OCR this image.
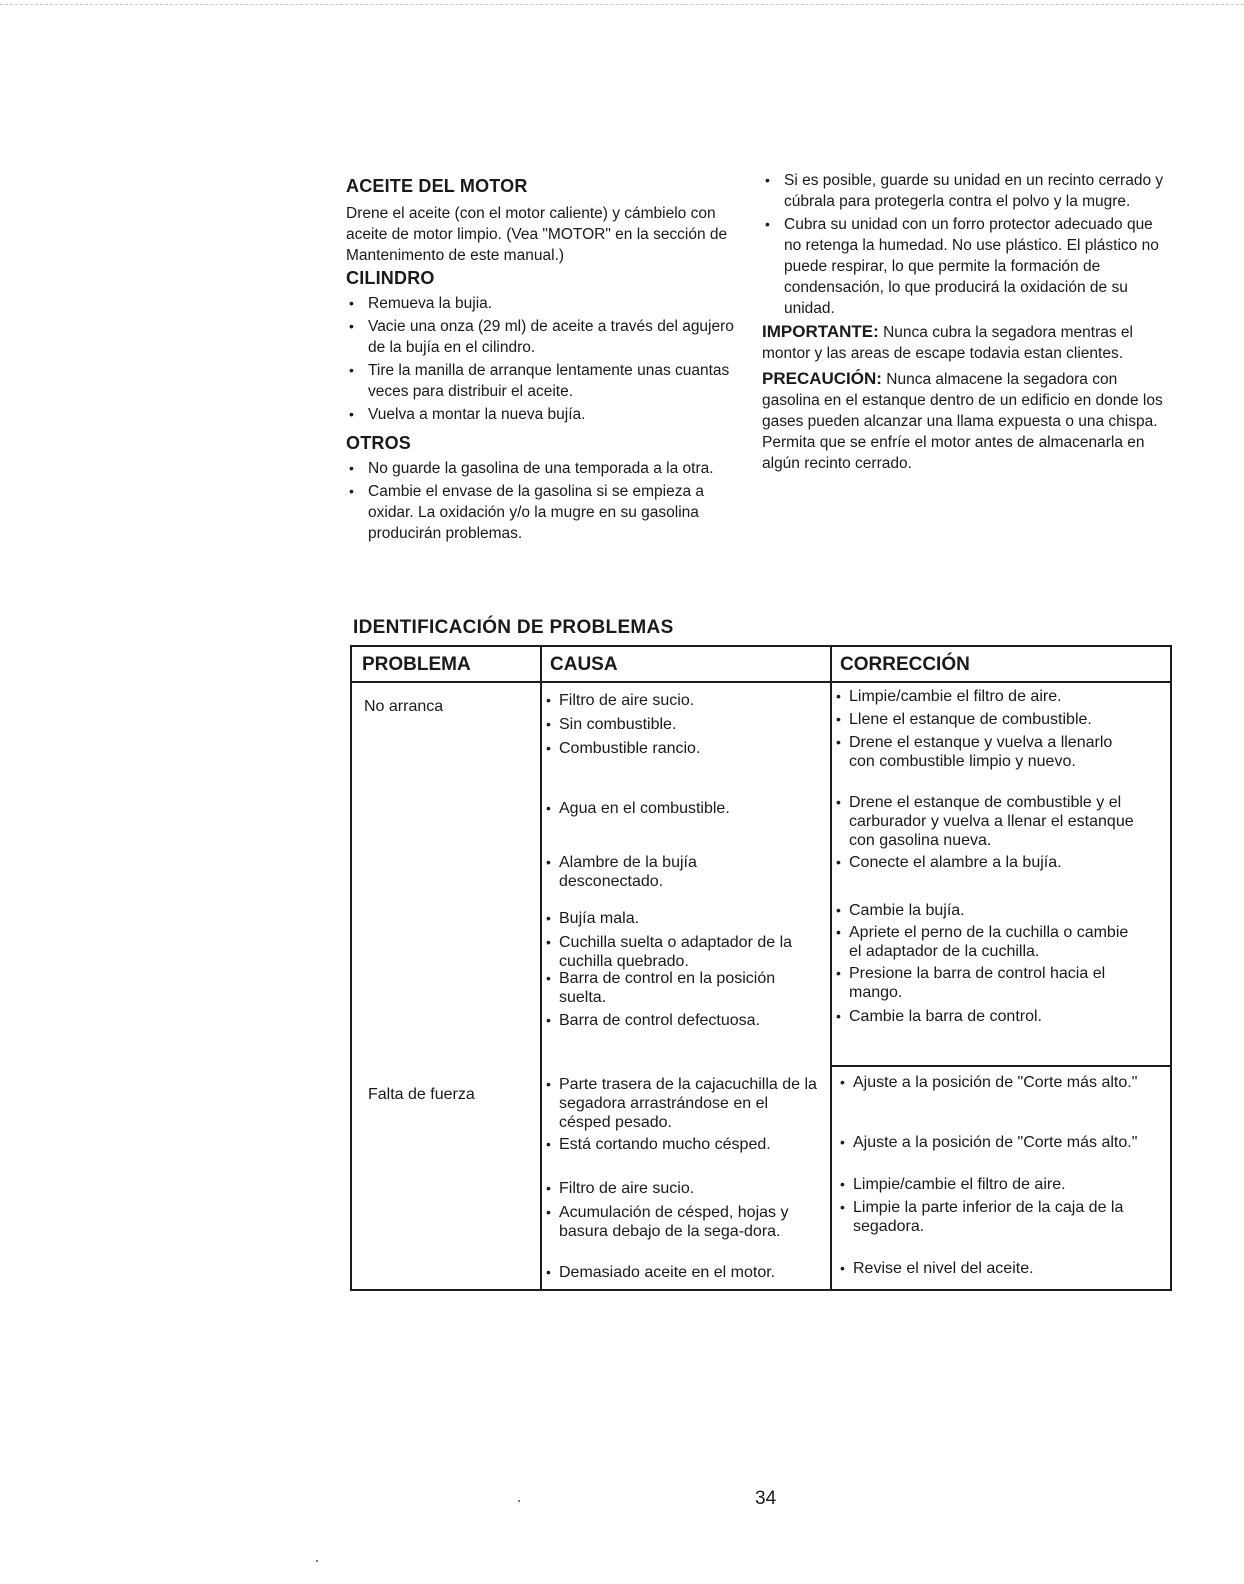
ACEITE DEL MOTOR

Drene el aceite (con el motor caliente) y cámbielo con aceite de motor limpio. (Vea "MOTOR" en la sección de Mantenimento de este manual.)

CILINDRO
• Remueva la bujia.
• Vacie una onza (29 ml) de aceite a través del agujero de la bujía en el cilindro.
• Tire la manilla de arranque lentamente unas cuantas veces para distribuir el aceite.
• Vuelva a montar la nueva bujía.
OTROS
• No guarde la gasolina de una temporada a la otra.
• Cambie el envase de la gasolina si se empieza a oxidar. La oxidación y/o la mugre en su gasolina producirán problemas.
• Si es posible, guarde su unidad en un recinto cerrado y cúbrala para protegerla contra el polvo y la mugre.
• Cubra su unidad con un forro protector adecuado que no retenga la humedad. No use plástico. El plástico no puede respirar, lo que permite la formación de condensación, lo que producirá la oxidación de su unidad.

IMPORTANTE: Nunca cubra la segadora mentras el montor y las areas de escape todavia estan clientes.

PRECAUCIÓN: Nunca almacene la segadora con gasolina en el estanque dentro de un edificio en donde los gases pueden alcanzar una llama expuesta o una chispa. Permita que se enfríe el motor antes de almacenarla en algún recinto cerrado.

IDENTIFICACIÓN DE PROBLEMAS
PROBLEMA	CAUSA	CORRECCIÓN
No arranca
Falta de fuerza
• Filtro de aire sucio.
• Sin combustible.
• Combustible rancio.
• Agua en el combustible.
• Alambre de la bujía desconectado.
• Bujía mala.
• Cuchilla suelta o adaptador de la cuchilla quebrado.
• Barra de control en la posición suelta.
• Barra de control defectuosa.
• Parte trasera de la cajacuchilla de la segadora arrastrándose en el césped pesado.
• Está cortando mucho césped.
• Filtro de aire sucio.
• Acumulación de césped, hojas y basura debajo de la sega-dora.
• Demasiado aceite en el motor.
• Limpie/cambie el filtro de aire.
• Llene el estanque de combustible.
• Drene el estanque y vuelva a llenarlo con combustible limpio y nuevo.
• Drene el estanque de combustible y el carburador y vuelva a llenar el estanque con gasolina nueva.
• Conecte el alambre a la bujía.
• Cambie la bujía.
• Apriete el perno de la cuchilla o cambie el adaptador de la cuchilla.
• Presione la barra de control hacia el mango.
• Cambie la barra de control.
• Ajuste a la posición de "Corte más alto."
• Ajuste a la posición de "Corte más alto."
• Limpie/cambie el filtro de aire.
• Limpie la parte inferior de la caja de la segadora.
• Revise el nivel del aceite.
34
